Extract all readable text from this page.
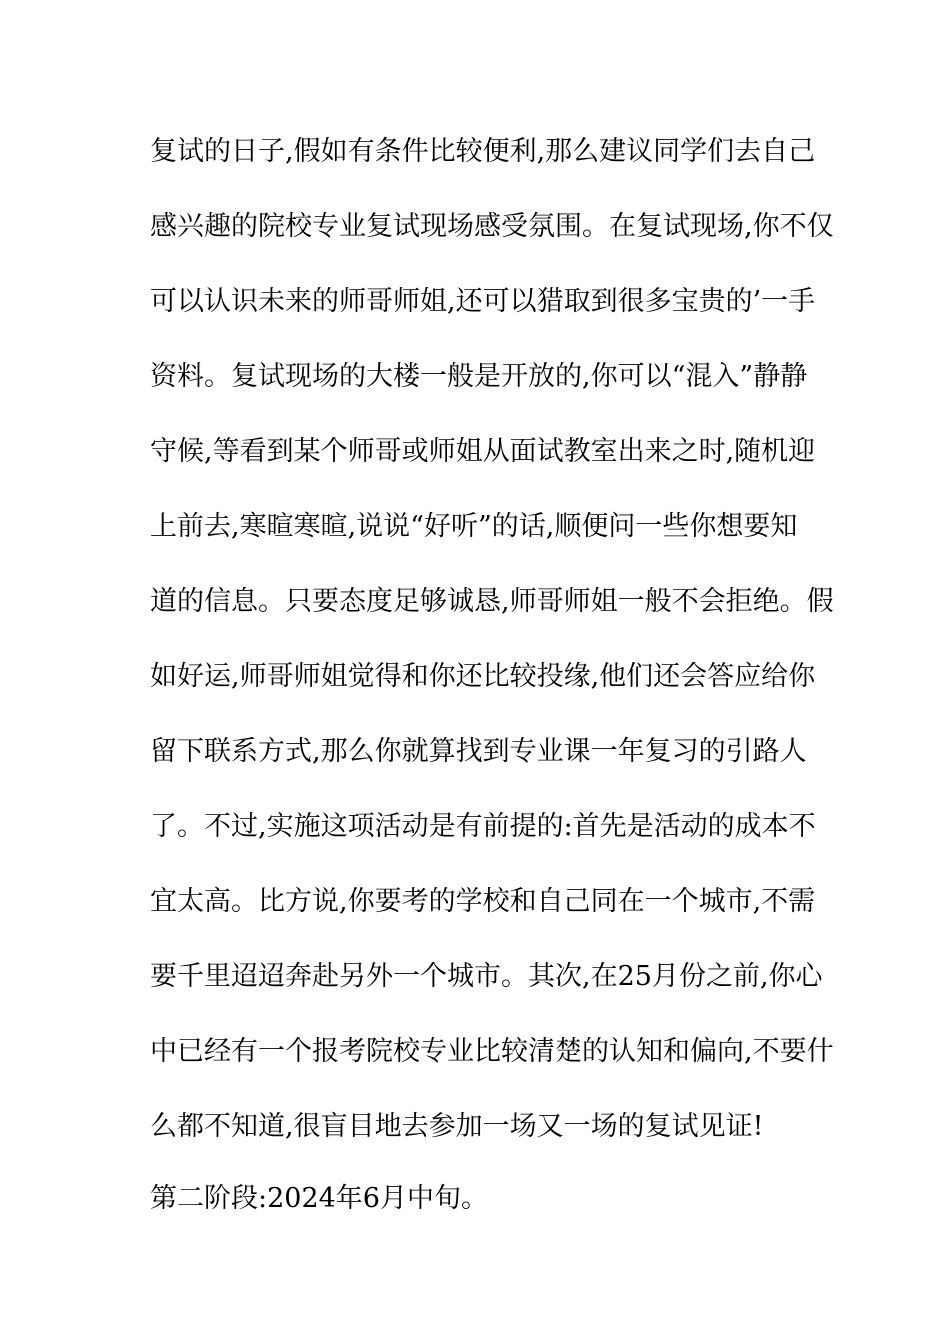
复试的日子,假如有条件比较便利,那么建议同学们去自己
感兴趣的院校专业复试现场感受氛围。在复试现场,你不仅
可以认识未来的师哥师姐,还可以猎取到很多宝贵的’一手
资料。复试现场的大楼一般是开放的,你可以“混入”静静
守候,等看到某个师哥或师姐从面试教室出来之时,随机迎
上前去,寒暄寒暄,说说“好听”的话,顺便问一些你想要知
道的信息。只要态度足够诚恳,师哥师姐一般不会拒绝。假
如好运,师哥师姐觉得和你还比较投缘,他们还会答应给你
留下联系方式,那么你就算找到专业课一年复习的引路人
了。不过,实施这项活动是有前提的:首先是活动的成本不
宜太高。比方说,你要考的学校和自己同在一个城市,不需
要千里迢迢奔赴另外一个城市。其次,在25月份之前,你心
中已经有一个报考院校专业比较清楚的认知和偏向,不要什
么都不知道,很盲目地去参加一场又一场的复试见证!
第二阶段:2024年6月中旬。
